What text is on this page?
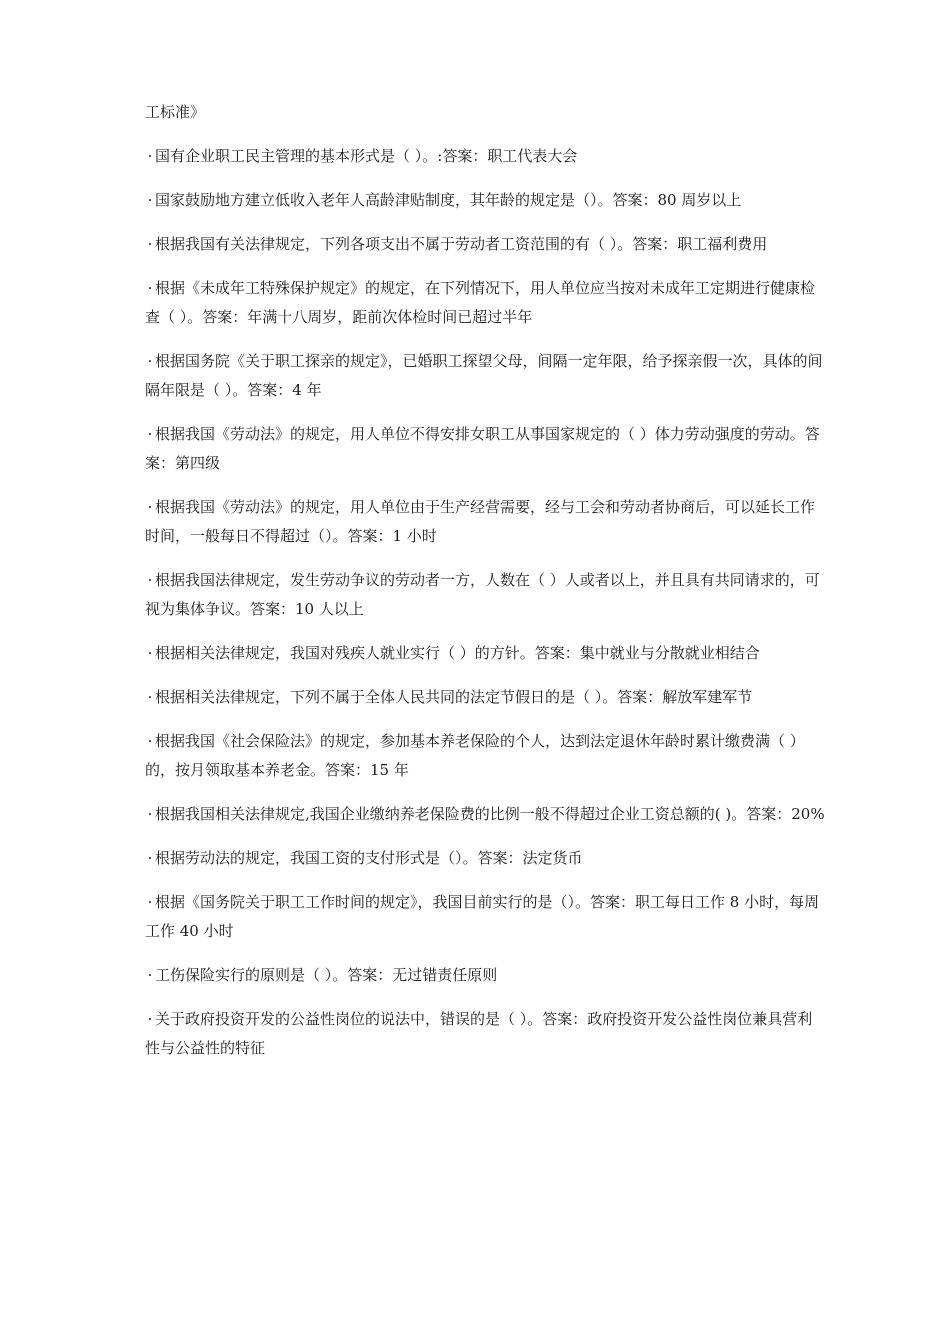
工标准》

· 国有企业职工民主管理的基本形式是（ ）。:答案：职工代表大会

· 国家鼓励地方建立低收入老年人高龄津贴制度，其年龄的规定是（）。答案：80 周岁以上

· 根据我国有关法律规定，下列各项支出不属于劳动者工资范围的有（ ）。答案：职工福利费用

· 根据《未成年工特殊保护规定》的规定，在下列情况下，用人单位应当按对未成年工定期进行健康检查（ ）。答案：年满十八周岁，距前次体检时间已超过半年

· 根据国务院《关于职工探亲的规定》，已婚职工探望父母，间隔一定年限，给予探亲假一次，具体的间隔年限是（ ）。答案：4 年

· 根据我国《劳动法》的规定，用人单位不得安排女职工从事国家规定的（ ）体力劳动强度的劳动。答案：第四级

· 根据我国《劳动法》的规定，用人单位由于生产经营需要，经与工会和劳动者协商后，可以延长工作时间，一般每日不得超过（）。答案：1 小时

· 根据我国法律规定，发生劳动争议的劳动者一方，人数在（ ）人或者以上，并且具有共同请求的，可视为集体争议。答案：10 人以上

· 根据相关法律规定，我国对残疾人就业实行（ ）的方针。答案：集中就业与分散就业相结合

· 根据相关法律规定，下列不属于全体人民共同的法定节假日的是（ ）。答案：解放军建军节

· 根据我国《社会保险法》的规定，参加基本养老保险的个人，达到法定退休年龄时累计缴费满（ ）的，按月领取基本养老金。答案：15 年

· 根据我国相关法律规定,我国企业缴纳养老保险费的比例一般不得超过企业工资总额的( )。答案：20%

· 根据劳动法的规定，我国工资的支付形式是（）。答案：法定货币

· 根据《国务院关于职工工作时间的规定》，我国目前实行的是（）。答案：职工每日工作 8 小时，每周工作 40 小时

· 工伤保险实行的原则是（ ）。答案：无过错责任原则

· 关于政府投资开发的公益性岗位的说法中，错误的是（ ）。答案：政府投资开发公益性岗位兼具营利性与公益性的特征
